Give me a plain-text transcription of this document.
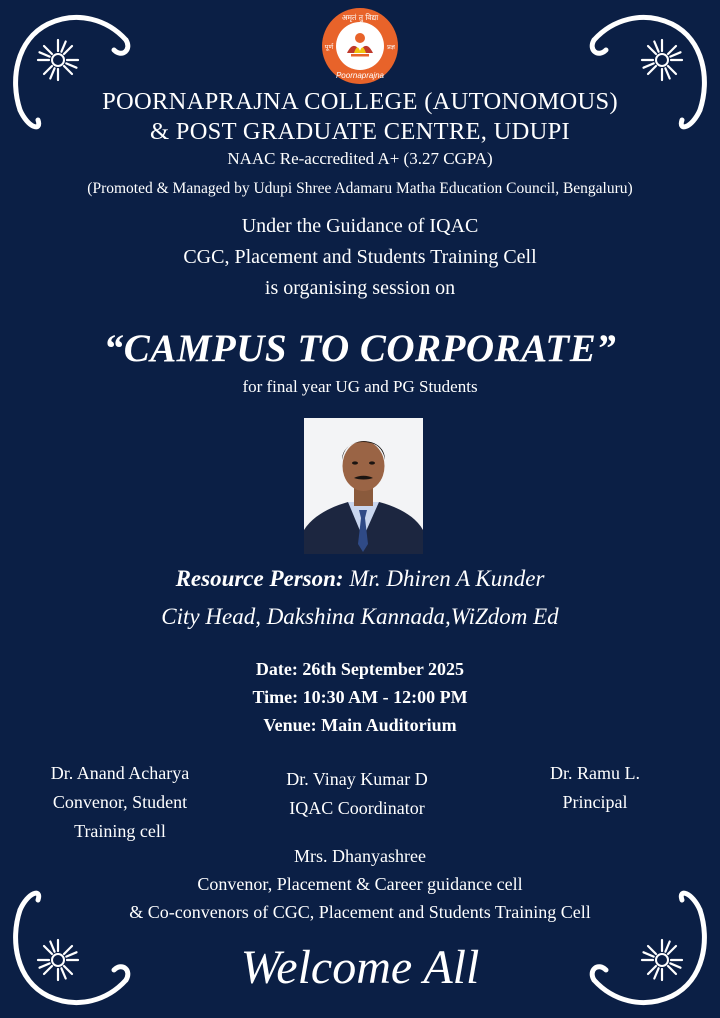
अमृतं तु विद्या
पूर्ण	प्रज्ञ
Poornaprajna
POORNAPRAJNA COLLEGE (AUTONOMOUS)
& POST GRADUATE CENTRE, UDUPI
NAAC Re-accredited A+ (3.27 CGPA)
(Promoted & Managed by Udupi Shree Adamaru Matha Education Council, Bengaluru)
Under the Guidance of IQAC
CGC, Placement and Students Training Cell
is organising session on
“CAMPUS TO CORPORATE”
for final year UG and PG Students
Resource Person: Mr. Dhiren A Kunder
City Head, Dakshina Kannada,WiZdom Ed
Date: 26th September 2025
Time: 10:30 AM - 12:00 PM
Venue: Main Auditorium
Dr. Anand Acharya
Convenor, Student
Training cell
Dr. Vinay Kumar D
IQAC Coordinator
Dr. Ramu L.
Principal
Mrs. Dhanyashree
Convenor, Placement & Career guidance cell
& Co-convenors of CGC, Placement and Students Training Cell
Welcome All
